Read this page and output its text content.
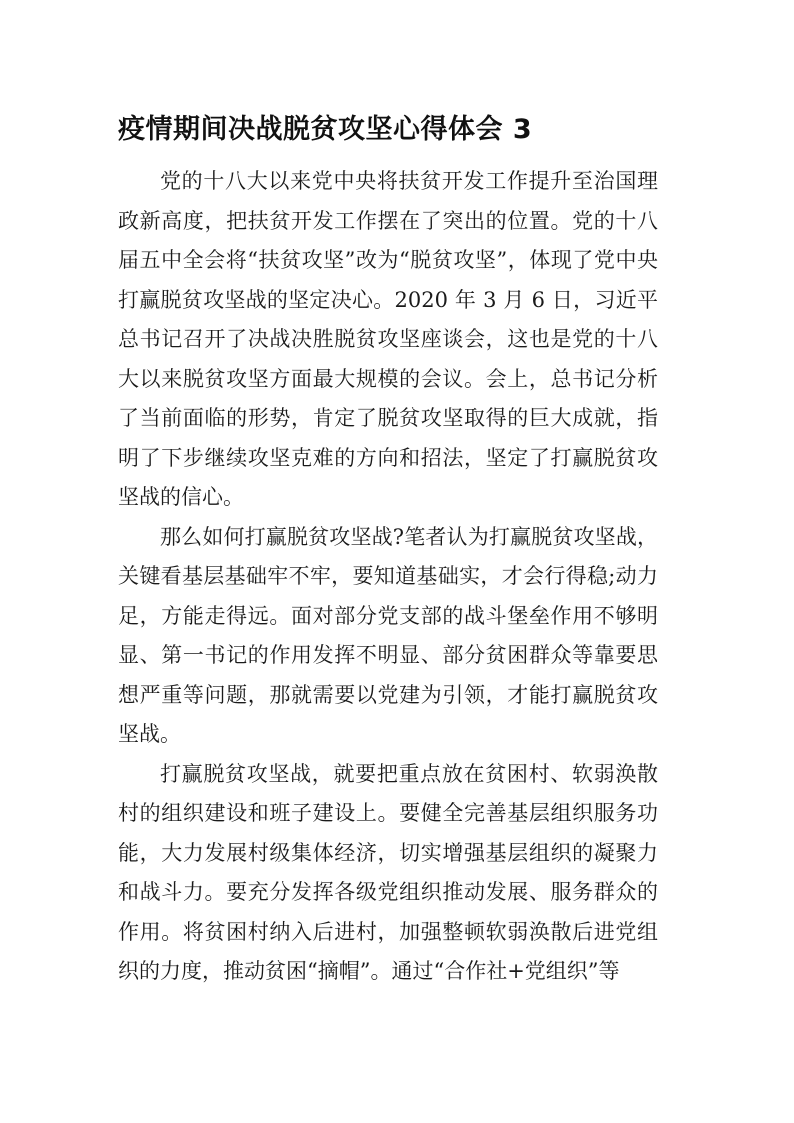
疫情期间决战脱贫攻坚心得体会 3

党的十八大以来党中央将扶贫开发工作提升至治国理政新高度，把扶贫开发工作摆在了突出的位置。党的十八届五中全会将“扶贫攻坚”改为“脱贫攻坚”，体现了党中央打赢脱贫攻坚战的坚定决心。2020 年 3 月 6 日，习近平总书记召开了决战决胜脱贫攻坚座谈会，这也是党的十八大以来脱贫攻坚方面最大规模的会议。会上，总书记分析了当前面临的形势，肯定了脱贫攻坚取得的巨大成就，指明了下步继续攻坚克难的方向和招法，坚定了打赢脱贫攻坚战的信心。

那么如何打赢脱贫攻坚战?笔者认为打赢脱贫攻坚战，关键看基层基础牢不牢，要知道基础实，才会行得稳;动力足，方能走得远。面对部分党支部的战斗堡垒作用不够明显、第一书记的作用发挥不明显、部分贫困群众等靠要思想严重等问题，那就需要以党建为引领，才能打赢脱贫攻坚战。

打赢脱贫攻坚战，就要把重点放在贫困村、软弱涣散村的组织建设和班子建设上。要健全完善基层组织服务功能，大力发展村级集体经济，切实增强基层组织的凝聚力和战斗力。要充分发挥各级党组织推动发展、服务群众的作用。将贫困村纳入后进村，加强整顿软弱涣散后进党组织的力度，推动贫困“摘帽”。通过“合作社+党组织”等
